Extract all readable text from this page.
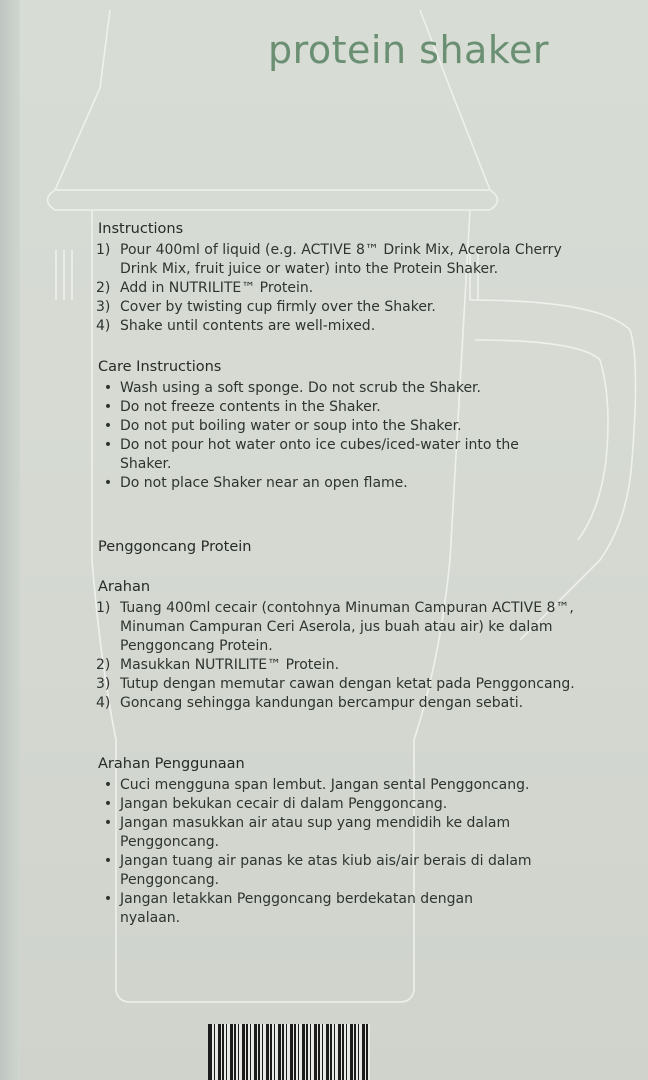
protein shaker
Instructions
1) Pour 400ml of liquid (e.g. ACTIVE 8™ Drink Mix, Acerola Cherry Drink Mix, fruit juice or water) into the Protein Shaker.
2) Add in NUTRILITE™ Protein.
3) Cover by twisting cup firmly over the Shaker.
4) Shake until contents are well-mixed.
Care Instructions
• Wash using a soft sponge. Do not scrub the Shaker.
• Do not freeze contents in the Shaker.
• Do not put boiling water or soup into the Shaker.
• Do not pour hot water onto ice cubes/iced-water into the Shaker.
• Do not place Shaker near an open flame.
Penggoncang Protein
Arahan
1) Tuang 400ml cecair (contohnya Minuman Campuran ACTIVE 8™, Minuman Campuran Ceri Aserola, jus buah atau air) ke dalam Penggoncang Protein.
2) Masukkan NUTRILITE™ Protein.
3) Tutup dengan memutar cawan dengan ketat pada Penggoncang.
4) Goncang sehingga kandungan bercampur dengan sebati.
Arahan Penggunaan
• Cuci mengguna span lembut. Jangan sental Penggoncang.
• Jangan bekukan cecair di dalam Penggoncang.
• Jangan masukkan air atau sup yang mendidih ke dalam Penggoncang.
• Jangan tuang air panas ke atas kiub ais/air berais di dalam Penggoncang.
• Jangan letakkan Penggoncang berdekatan dengan nyalaan.
